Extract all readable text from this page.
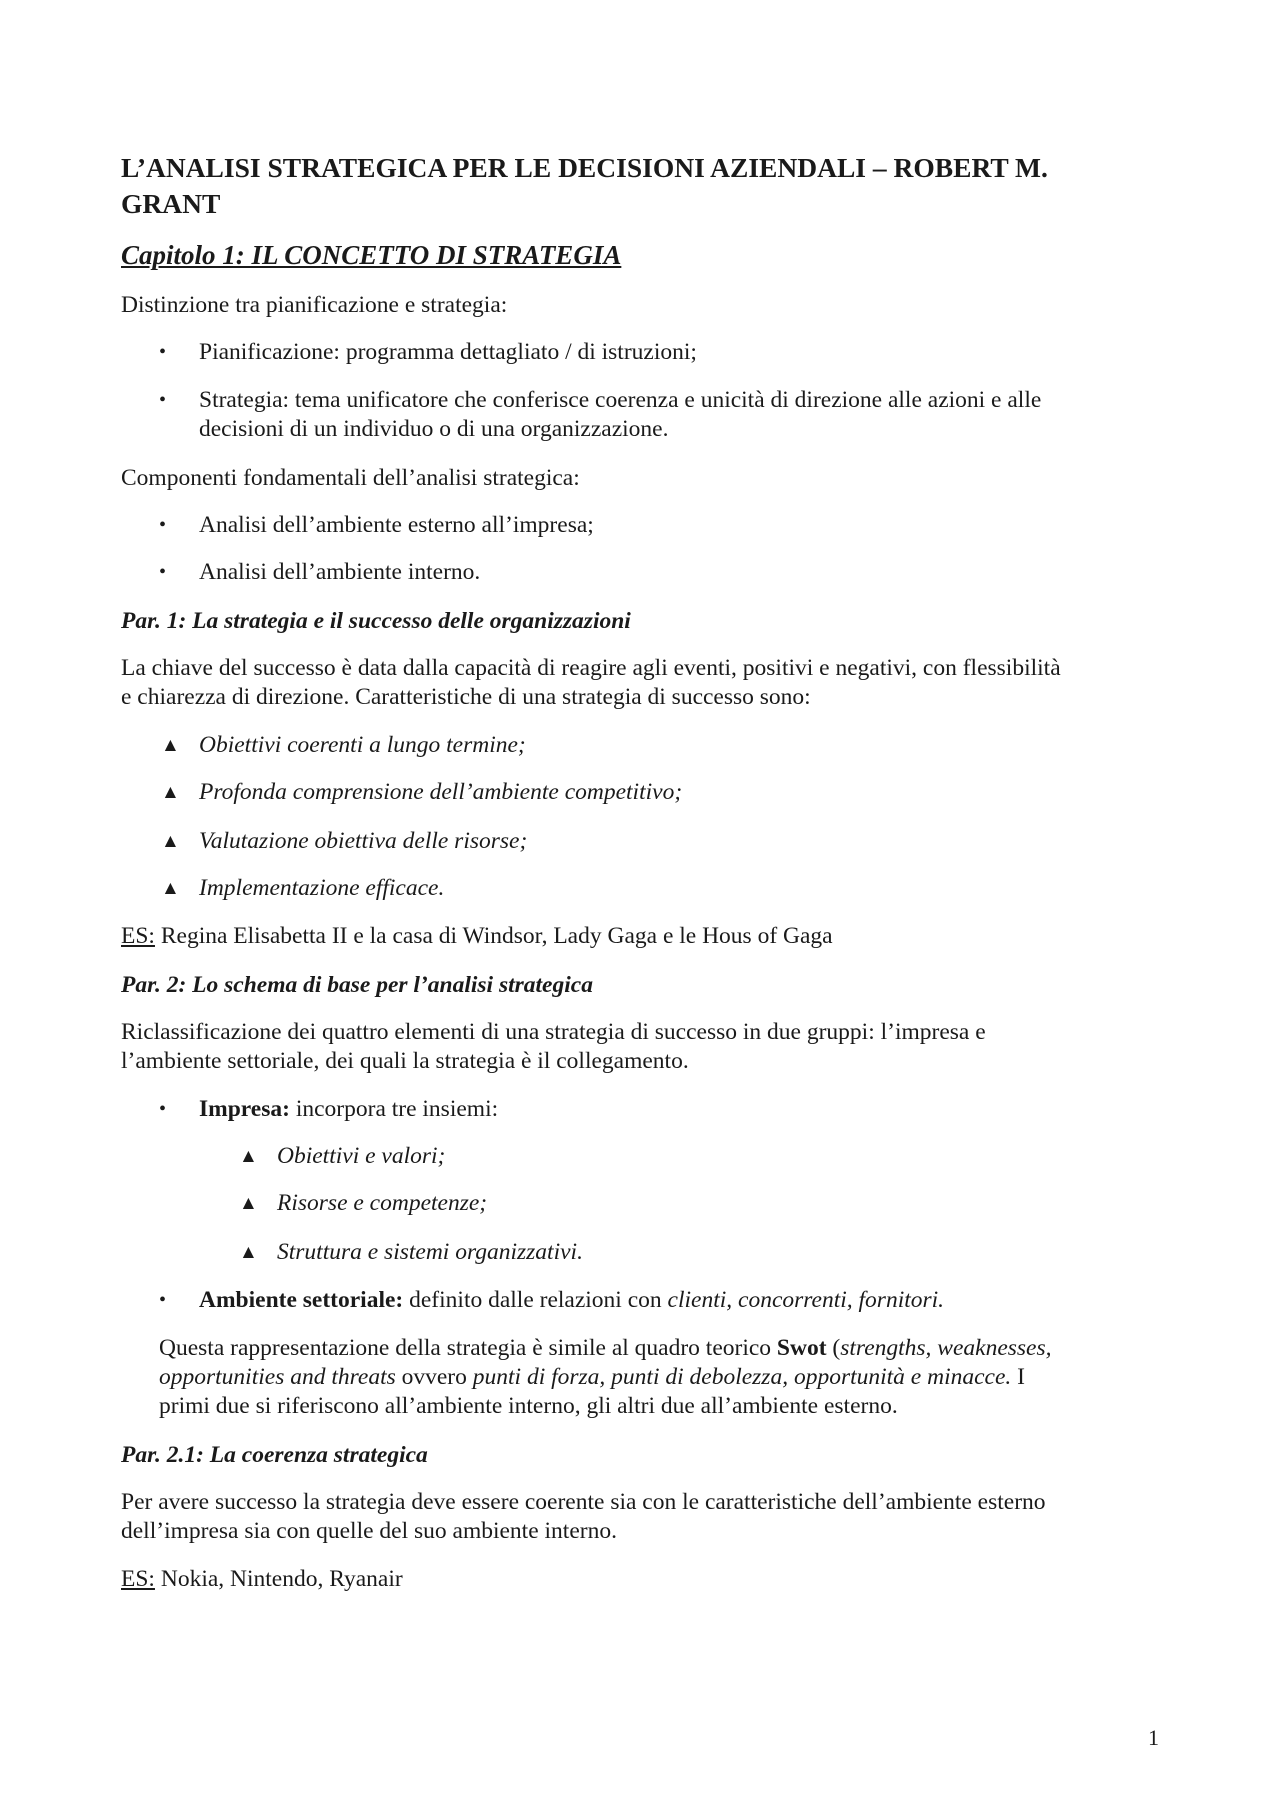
L’ANALISI STRATEGICA PER LE DECISIONI AZIENDALI – ROBERT M.
GRANT
Capitolo 1: IL CONCETTO DI STRATEGIA
Distinzione tra pianificazione e strategia:
• Pianificazione: programma dettagliato / di istruzioni;
• Strategia: tema unificatore che conferisce coerenza e unicità di direzione alle azioni e alle
decisioni di un individuo o di una organizzazione.
Componenti fondamentali dell’analisi strategica:
• Analisi dell’ambiente esterno all’impresa;
• Analisi dell’ambiente interno.
Par. 1: La strategia e il successo delle organizzazioni
La chiave del successo è data dalla capacità di reagire agli eventi, positivi e negativi, con flessibilità
e chiarezza di direzione. Caratteristiche di una strategia di successo sono:
▲ Obiettivi coerenti a lungo termine;
▲ Profonda comprensione dell’ambiente competitivo;
▲ Valutazione obiettiva delle risorse;
▲ Implementazione efficace.
ES: Regina Elisabetta II e la casa di Windsor, Lady Gaga e le Hous of Gaga
Par. 2: Lo schema di base per l’analisi strategica
Riclassificazione dei quattro elementi di una strategia di successo in due gruppi: l’impresa e
l’ambiente settoriale, dei quali la strategia è il collegamento.
• Impresa: incorpora tre insiemi:
▲ Obiettivi e valori;
▲ Risorse e competenze;
▲ Struttura e sistemi organizzativi.
• Ambiente settoriale: definito dalle relazioni con clienti, concorrenti, fornitori.
Questa rappresentazione della strategia è simile al quadro teorico Swot (strengths, weaknesses,
opportunities and threats ovvero punti di forza, punti di debolezza, opportunità e minacce. I
primi due si riferiscono all’ambiente interno, gli altri due all’ambiente esterno.
Par. 2.1: La coerenza strategica
Per avere successo la strategia deve essere coerente sia con le caratteristiche dell’ambiente esterno
dell’impresa sia con quelle del suo ambiente interno.
ES: Nokia, Nintendo, Ryanair
1
